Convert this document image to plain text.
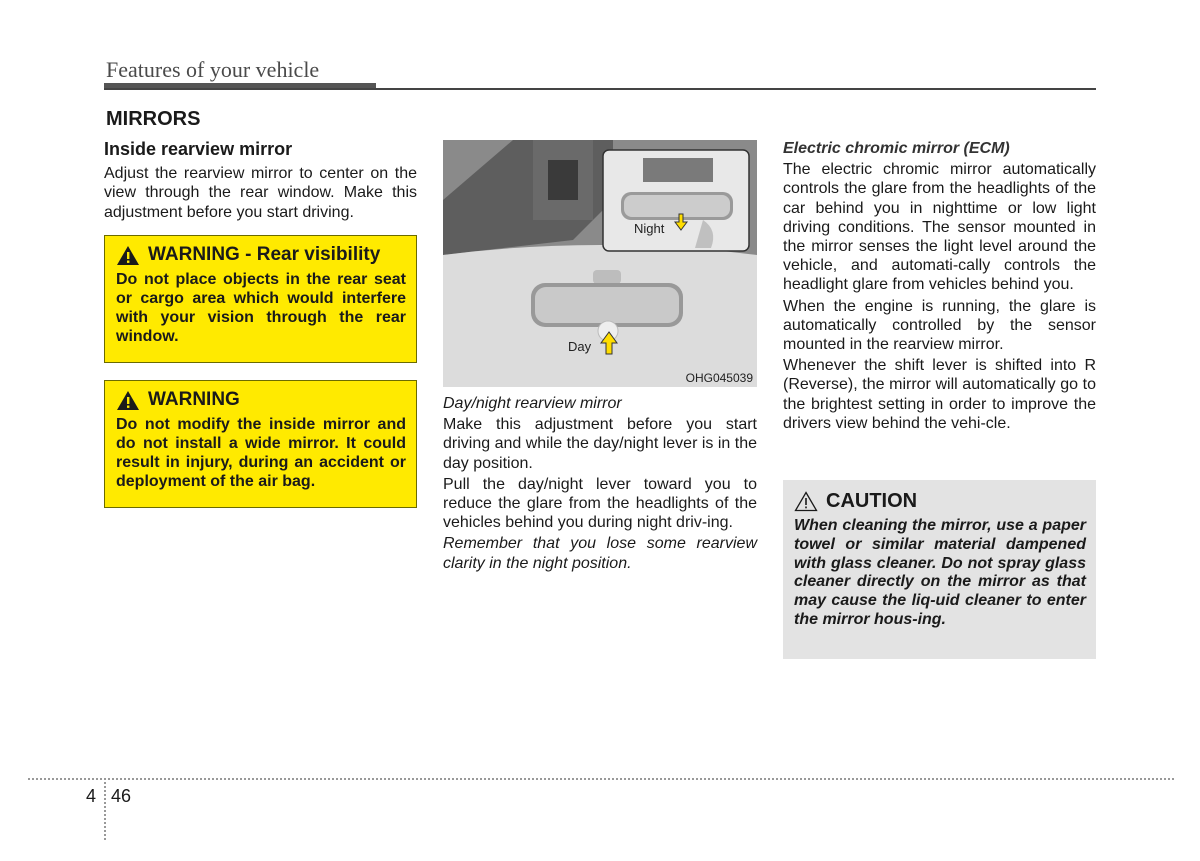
Features of your vehicle
MIRRORS
Inside rearview mirror

Adjust the rearview mirror to center on the view through the rear window. Make this adjustment before you start driving.

WARNING -
Rear visibility
Do not place objects in the rear seat or cargo area which would interfere with your vision through the rear window.
WARNING
Do not modify the inside mirror and do not install a wide mirror. It could result in injury, during an accident or deployment of the air bag.
Night
Day
OHG045039

Day/night rearview mirror

Make this adjustment before you start driving and while the day/night lever is in the day position.

Pull the day/night lever toward you to reduce the glare from the headlights of the vehicles behind you during night driv-ing.

Remember that you lose some rearview clarity in the night position.

Electric chromic mirror (ECM)

The electric chromic mirror automatically controls the glare from the headlights of the car behind you in nighttime or low light driving conditions. The sensor mounted in the mirror senses the light level around the vehicle, and automati-cally controls the headlight glare from vehicles behind you.

When the engine is running, the glare is automatically controlled by the sensor mounted in the rearview mirror.

Whenever the shift lever is shifted into R (Reverse), the mirror will automatically go to the brightest setting in order to improve the drivers view behind the vehi-cle.

CAUTION
When cleaning the mirror, use a paper towel or similar material dampened with glass cleaner. Do not spray glass cleaner directly on the mirror as that may cause the liq-uid cleaner to enter the mirror hous-ing.
4 46
